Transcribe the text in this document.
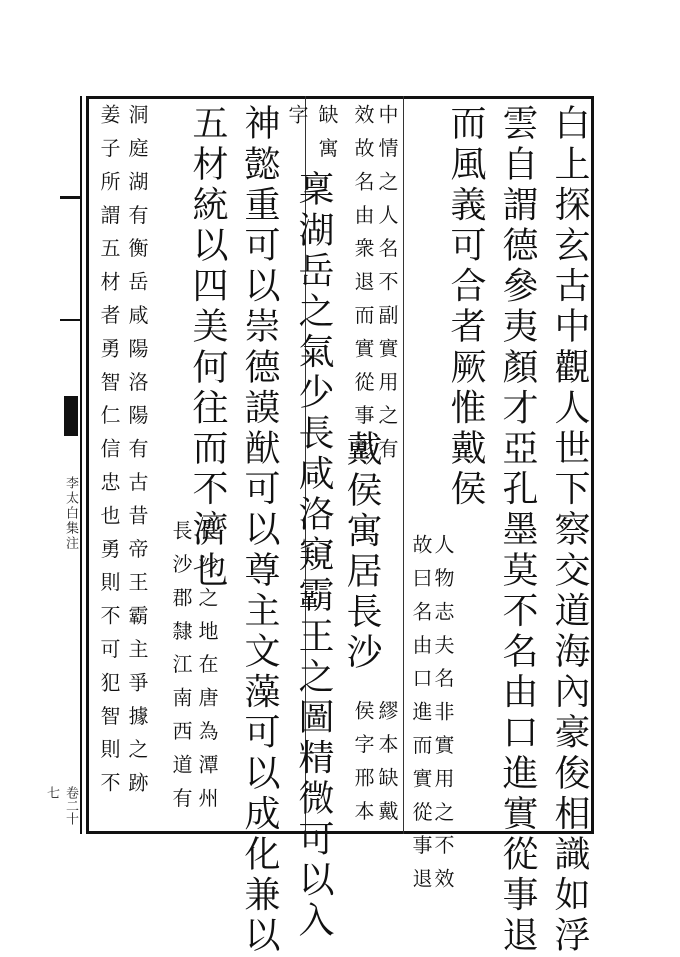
李太白集注
卷二十七	白上探玄古中觀人世下察交道海內豪俊相識如浮
雲自謂德參夷顏才亞孔墨莫不名由口進實從事退
而風義可合者厥惟戴侯
人物志夫名非實用之不效
故曰名由口進而實從事退
中情之人名不副實用之有
效故名由衆退而實從事彰
戴侯寓居長沙
繆本缺戴
侯字邢本
缺寓
字
稟湖岳之氣少長咸洛窺霸王之圖精微可以入
神懿重可以崇德謨猷可以尊主文藻可以成化兼以
五材統以四美何往而不濟也
長沙之地在唐為潭州
長沙郡隸江南西道有
洞庭湖有衡岳咸陽洛陽有古昔帝王霸主爭據之跡
姜子所謂五材者勇智仁信忠也勇則不可犯智則不
